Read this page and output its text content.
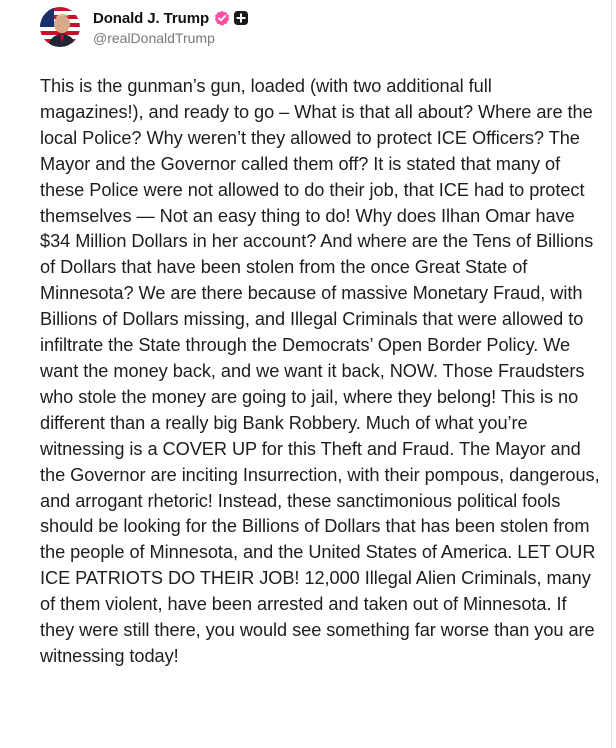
Donald J. Trump
@realDonaldTrump
This is the gunman’s gun, loaded (with two additional full magazines!), and ready to go – What is that all about? Where are the local Police? Why weren’t they allowed to protect ICE Officers? The Mayor and the Governor called them off? It is stated that many of these Police were not allowed to do their job, that ICE had to protect themselves — Not an easy thing to do! Why does Ilhan Omar have $34 Million Dollars in her account? And where are the Tens of Billions of Dollars that have been stolen from the once Great State of Minnesota? We are there because of massive Monetary Fraud, with Billions of Dollars missing, and Illegal Criminals that were allowed to infiltrate the State through the Democrats’ Open Border Policy. We want the money back, and we want it back, NOW. Those Fraudsters who stole the money are going to jail, where they belong! This is no different than a really big Bank Robbery. Much of what you’re witnessing is a COVER UP for this Theft and Fraud. The Mayor and the Governor are inciting Insurrection, with their pompous, dangerous, and arrogant rhetoric! Instead, these sanctimonious political fools should be looking for the Billions of Dollars that has been stolen from the people of Minnesota, and the United States of America. LET OUR ICE PATRIOTS DO THEIR JOB! 12,000 Illegal Alien Criminals, many of them violent, have been arrested and taken out of Minnesota. If they were still there, you would see something far worse than you are witnessing today!
